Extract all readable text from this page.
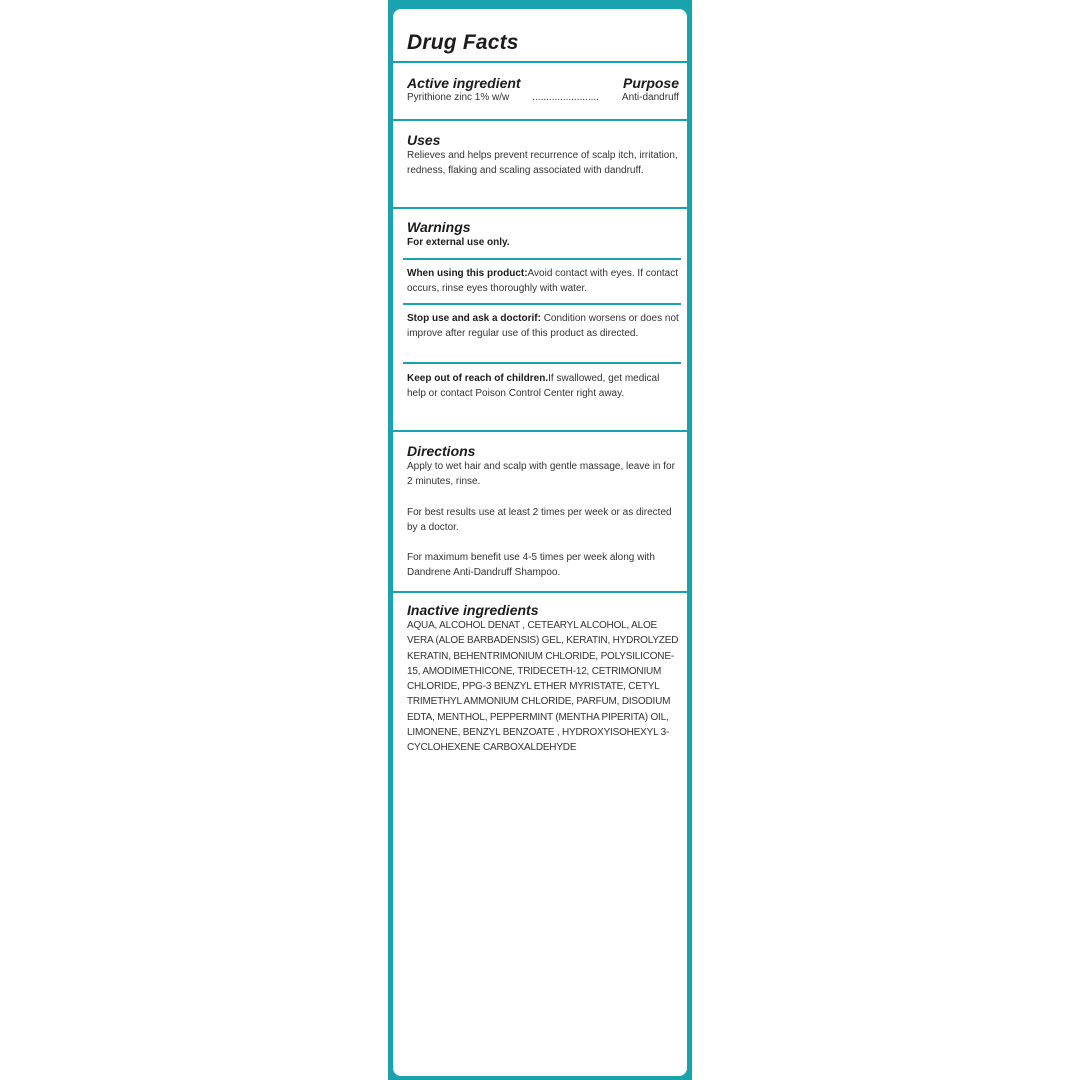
Drug Facts
Active ingredient	Purpose
Pyrithione zinc 1% w/w ........................ Anti-dandruff
Uses
Relieves and helps prevent recurrence of scalp itch, irritation, redness, flaking and scaling associated with dandruff.
Warnings
For external use only.
When using this product:Avoid contact with eyes. If contact occurs, rinse eyes thoroughly with water.
Stop use and ask a doctorif: Condition worsens or does not improve after regular use of this product as directed.
Keep out of reach of children.If swallowed, get medical help or contact Poison Control Center right away.
Directions
Apply to wet hair and scalp with gentle massage, leave in for 2 minutes, rinse.
For best results use at least 2 times per week or as directed by a doctor.
For maximum benefit use 4-5 times per week along with Dandrene Anti-Dandruff Shampoo.
Inactive ingredients
AQUA, ALCOHOL DENAT , CETEARYL ALCOHOL, ALOE VERA (ALOE BARBADENSIS) GEL, KERATIN, HYDROLYZED KERATIN, BEHENTRIMONIUM CHLORIDE, POLYSILICONE-15, AMODIMETHICONE, TRIDECETH-12, CETRIMONIUM CHLORIDE, PPG-3 BENZYL ETHER MYRISTATE, CETYL TRIMETHYL AMMONIUM CHLORIDE, PARFUM, DISODIUM EDTA, MENTHOL, PEPPERMINT (MENTHA PIPERITA) OIL, LIMONENE, BENZYL BENZOATE , HYDROXYISOHEXYL 3-CYCLOHEXENE CARBOXALDEHYDE
